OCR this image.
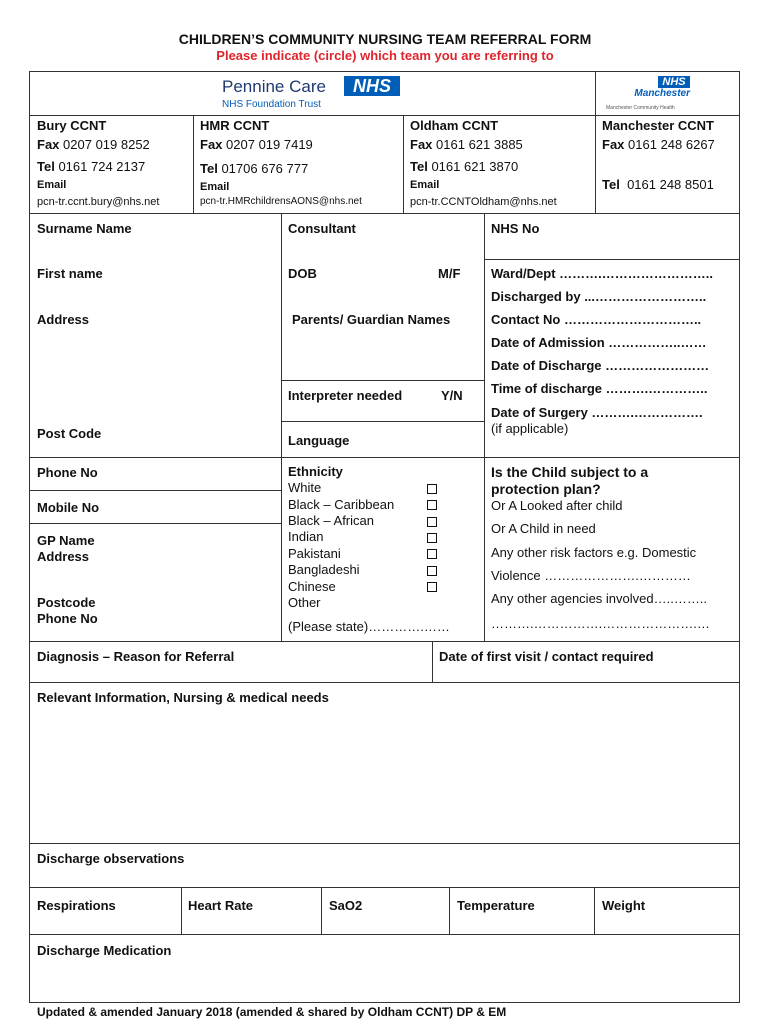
CHILDREN’S COMMUNITY NURSING TEAM REFERRAL FORM
Please indicate (circle) which team you are referring to
Pennine Care	NHS
NHS Foundation Trust
NHS
Manchester
Manchester Community Health
Bury CCNT
Fax 0207 019 8252
Tel 0161 724 2137
Email
pcn-tr.ccnt.bury@nhs.net
HMR CCNT
Fax 0207 019 7419
Tel 01706 676 777
Email
pcn-tr.HMRchildrensAONS@nhs.net
Oldham CCNT
Fax 0161 621 3885
Tel 0161 621 3870
Email
pcn-tr.CCNTOldham@nhs.net
Manchester CCNT
Fax 0161 248 6267
Tel 0161 248 8501
Surname Name
First name
Address
Post Code
Consultant
DOB	M/F
Parents/ Guardian Names
Interpreter needed	Y/N
Language
NHS No
Ward/Dept ……….……………………..
Discharged by ...……………………..
Contact No …………………………..
Date of Admission ……………..……
Date of Discharge ……………………
Time of discharge ……….…………..
Date of Surgery ……….…………….
(if applicable)
Phone No
Mobile No
GP Name
Address
Postcode
Phone No
Ethnicity
White
Black – Caribbean
Black – African
Indian
Pakistani
Bangladeshi
Chinese
Other
(Please state)………….……
Is the Child subject to a
protection plan?
Or A Looked after child
Or A Child in need
Any other risk factors e.g. Domestic
Violence ………………….…………
Any other agencies involved…..……..
……….…………….………………….…
Diagnosis – Reason for Referral	Date of first visit / contact required
Relevant Information, Nursing & medical needs
Discharge observations
Respirations	Heart Rate	SaO2	Temperature	Weight
Discharge Medication
Updated & amended January 2018 (amended & shared by Oldham CCNT) DP & EM
